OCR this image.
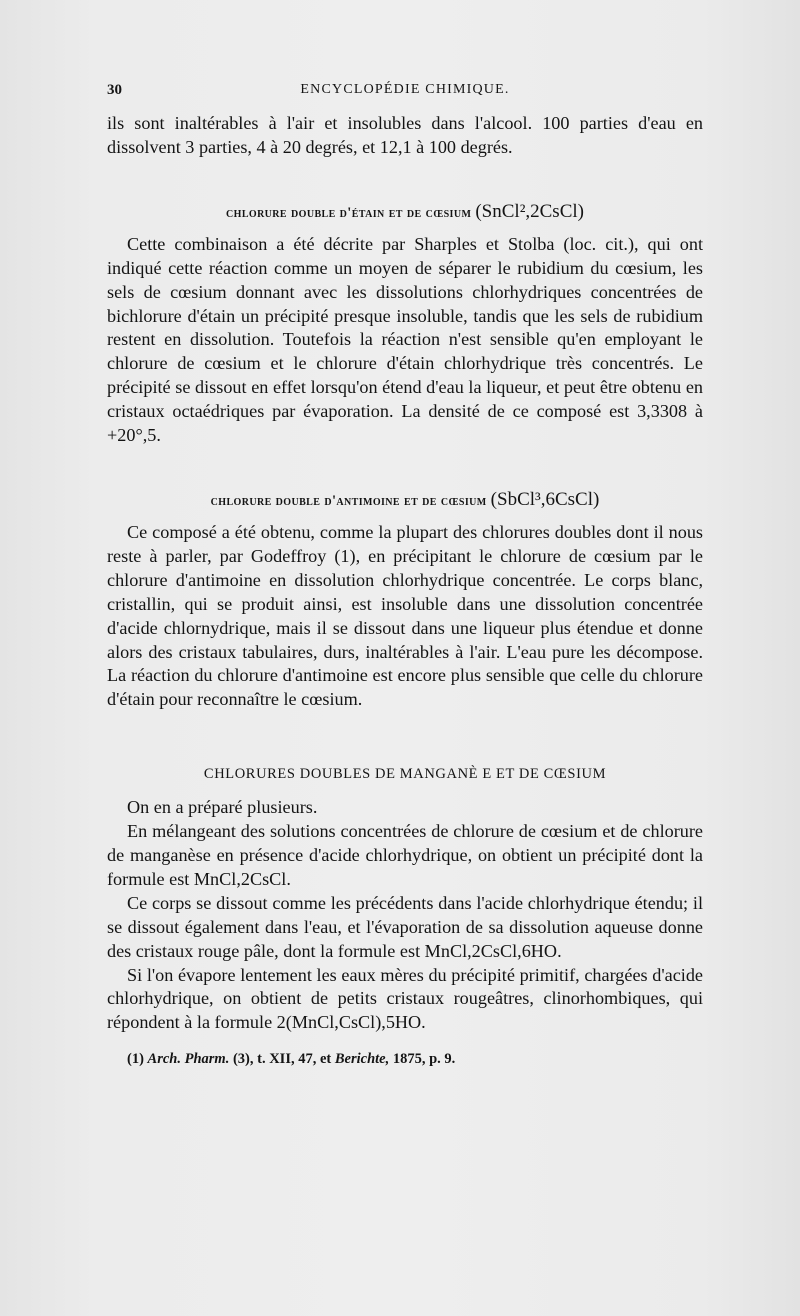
30	ENCYCLOPÉDIE CHIMIQUE.

ils sont inaltérables à l'air et insolubles dans l'alcool. 100 parties d'eau en dissolvent 3 parties, 4 à 20 degrés, et 12,1 à 100 degrés.

chlorure double d'étain et de cœsium (SnCl²,2CsCl)

Cette combinaison a été décrite par Sharples et Stolba (loc. cit.), qui ont indiqué cette réaction comme un moyen de séparer le rubidium du cœsium, les sels de cœsium donnant avec les dissolutions chlorhydriques concentrées de bichlorure d'étain un précipité presque insoluble, tandis que les sels de rubidium restent en dissolution. Toutefois la réaction n'est sensible qu'en employant le chlorure de cœsium et le chlorure d'étain chlorhydrique très concentrés. Le précipité se dissout en effet lorsqu'on étend d'eau la liqueur, et peut être obtenu en cristaux octaédriques par évaporation. La densité de ce composé est 3,3308 à +20°,5.

chlorure double d'antimoine et de cœsium (SbCl³,6CsCl)

Ce composé a été obtenu, comme la plupart des chlorures doubles dont il nous reste à parler, par Godeffroy (1), en précipitant le chlorure de cœsium par le chlorure d'antimoine en dissolution chlorhydrique concentrée. Le corps blanc, cristallin, qui se produit ainsi, est insoluble dans une dissolution concentrée d'acide chlornydrique, mais il se dissout dans une liqueur plus étendue et donne alors des cristaux tabulaires, durs, inaltérables à l'air. L'eau pure les décompose. La réaction du chlorure d'antimoine est encore plus sensible que celle du chlorure d'étain pour reconnaître le cœsium.

CHLORURES DOUBLES DE MANGANÈ E ET DE CŒSIUM

On en a préparé plusieurs.

En mélangeant des solutions concentrées de chlorure de cœsium et de chlorure de manganèse en présence d'acide chlorhydrique, on obtient un précipité dont la formule est MnCl,2CsCl.

Ce corps se dissout comme les précédents dans l'acide chlorhydrique étendu; il se dissout également dans l'eau, et l'évaporation de sa dissolution aqueuse donne des cristaux rouge pâle, dont la formule est MnCl,2CsCl,6HO.

Si l'on évapore lentement les eaux mères du précipité primitif, chargées d'acide chlorhydrique, on obtient de petits cristaux rougeâtres, clinorhombiques, qui répondent à la formule 2(MnCl,CsCl),5HO.

(1) Arch. Pharm. (3), t. XII, 47, et Berichte, 1875, p. 9.
